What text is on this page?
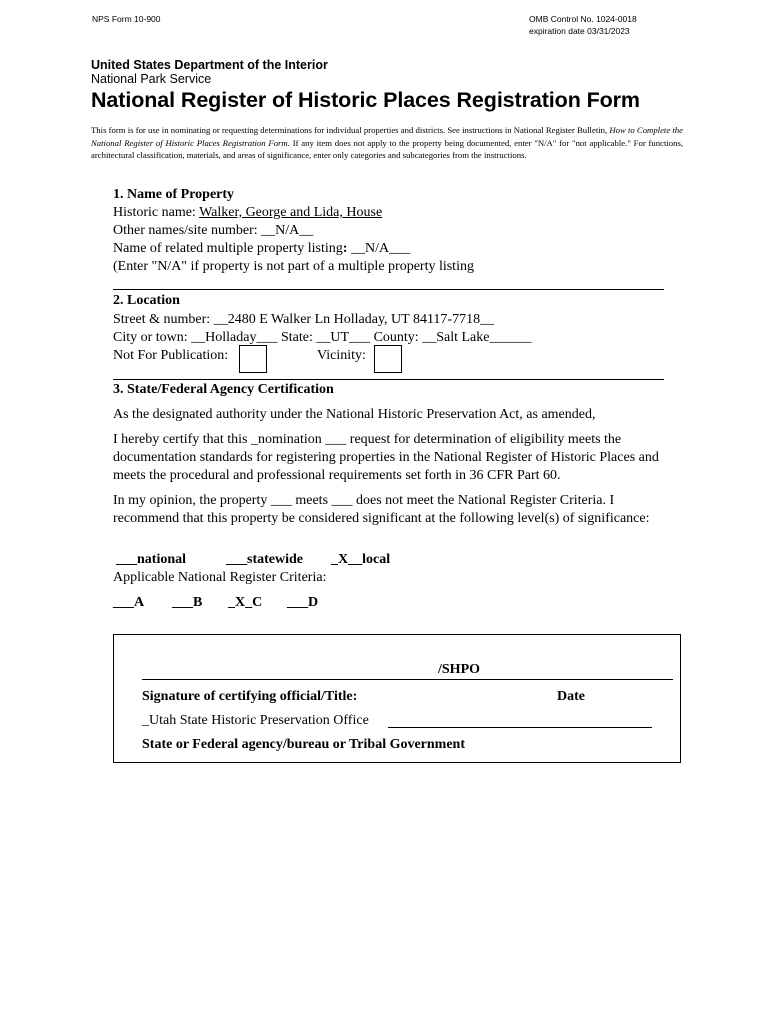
NPS Form 10-900	OMB Control No. 1024-0018
expiration date 03/31/2023
United States Department of the Interior
National Park Service
National Register of Historic Places Registration Form
This form is for use in nominating or requesting determinations for individual properties and districts. See instructions in National Register Bulletin, How to Complete the National Register of Historic Places Registration Form. If any item does not apply to the property being documented, enter "N/A" for "not applicable." For functions, architectural classification, materials, and areas of significance, enter only categories and subcategories from the instructions.
1. Name of Property
Historic name: Walker, George and Lida, House
Other names/site number: __N/A__
Name of related multiple property listing: __N/A___
(Enter "N/A" if property is not part of a multiple property listing
2. Location
Street & number: __2480 E Walker Ln Holladay, UT 84117-7718__
City or town: __Holladay___ State: __UT___ County: __Salt Lake______
Not For Publication:	Vicinity:
3. State/Federal Agency Certification
As the designated authority under the National Historic Preservation Act, as amended,
I hereby certify that this _nomination ___ request for determination of eligibility meets the documentation standards for registering properties in the National Register of Historic Places and meets the procedural and professional requirements set forth in 36 CFR Part 60.
In my opinion, the property ___ meets ___ does not meet the National Register Criteria. I recommend that this property be considered significant at the following level(s) of significance:
___national	___statewide _X__local
Applicable National Register Criteria:
___A ___B _X_C ___D
/SHPO
Signature of certifying official/Title:	Date
_Utah State Historic Preservation Office
State or Federal agency/bureau or Tribal Government
